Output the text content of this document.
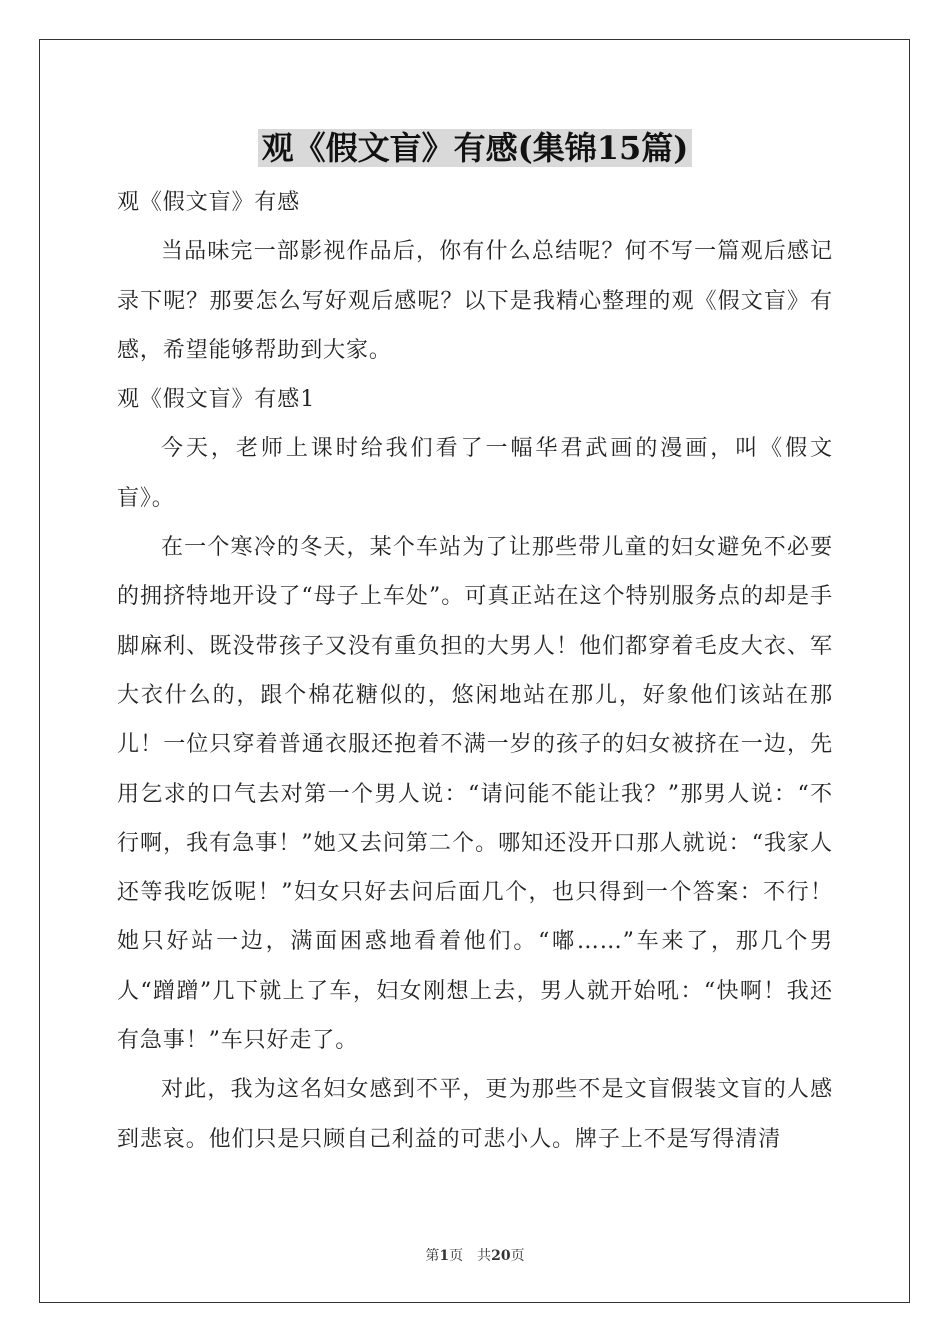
观《假文盲》有感(集锦15篇)

观《假文盲》有感

当品味完一部影视作品后，你有什么总结呢？何不写一篇观后感记录下呢？那要怎么写好观后感呢？以下是我精心整理的观《假文盲》有感，希望能够帮助到大家。

观《假文盲》有感1

今天，老师上课时给我们看了一幅华君武画的漫画，叫《假文盲》。

在一个寒冷的冬天，某个车站为了让那些带儿童的妇女避免不必要的拥挤特地开设了“母子上车处”。可真正站在这个特别服务点的却是手脚麻利、既没带孩子又没有重负担的大男人！他们都穿着毛皮大衣、军大衣什么的，跟个棉花糖似的，悠闲地站在那儿，好象他们该站在那儿！一位只穿着普通衣服还抱着不满一岁的孩子的妇女被挤在一边，先用乞求的口气去对第一个男人说：“请问能不能让我？”那男人说：“不行啊，我有急事！”她又去问第二个。哪知还没开口那人就说：“我家人还等我吃饭呢！”妇女只好去问后面几个，也只得到一个答案：不行！她只好站一边，满面困惑地看着他们。“嘟……”车来了，那几个男人“蹭蹭”几下就上了车，妇女刚想上去，男人就开始吼：“快啊！我还有急事！”车只好走了。

对此，我为这名妇女感到不平，更为那些不是文盲假装文盲的人感到悲哀。他们只是只顾自己利益的可悲小人。牌子上不是写得清清

第1页　共20页
